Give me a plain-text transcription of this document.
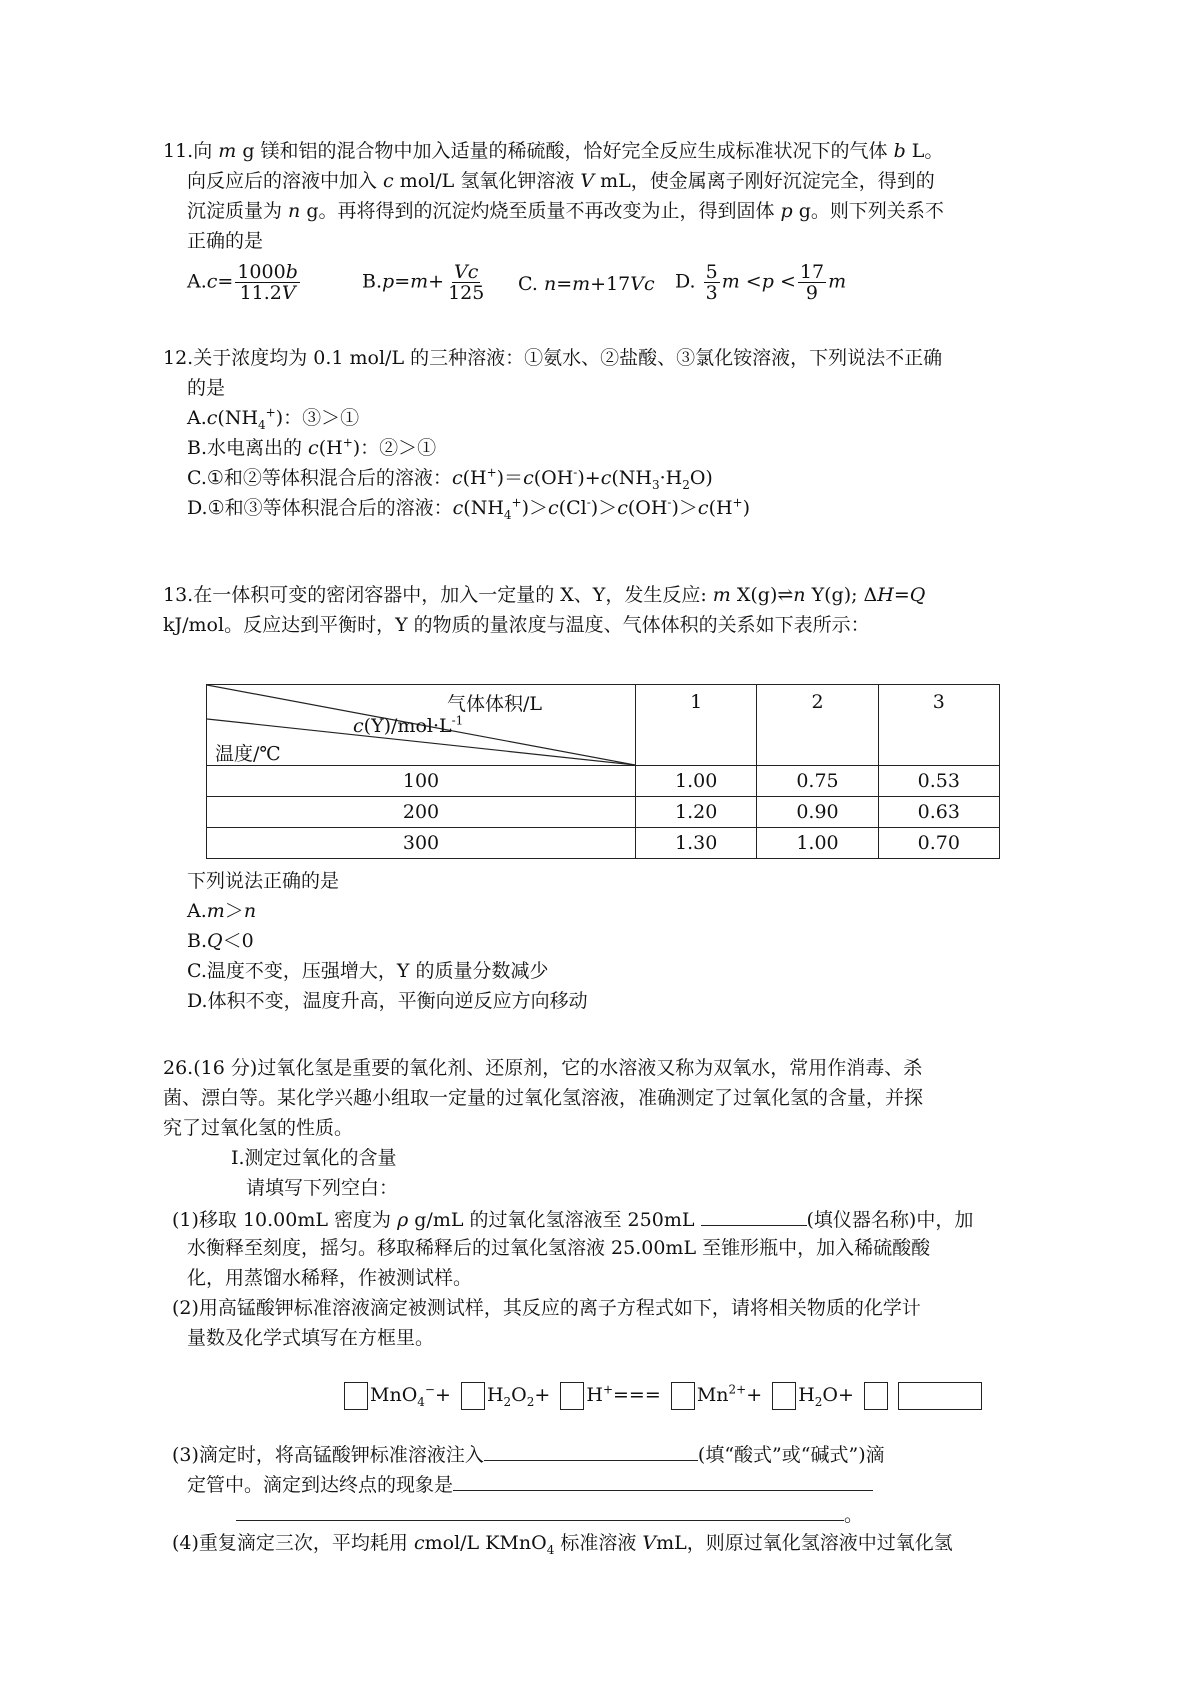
11.向 m g 镁和铝的混合物中加入适量的稀硫酸，恰好完全反应生成标准状况下的气体 b L。
向反应后的溶液中加入 c mol/L 氢氧化钾溶液 V mL，使金属离子刚好沉淀完全，得到的
沉淀质量为 n g。再将得到的沉淀灼烧至质量不再改变为止，得到固体 p g。则下列关系不
正确的是
$A.c= \frac{1000b}{11.2V}$	$B.p=m+ \frac{Vc}{125} C$. n=m+17Vc D. $\frac{5}{3}$ $m <p < \frac{17}{9}$ m
12.关于浓度均为 0.1 mol/L 的三种溶液：①氨水、②盐酸、③氯化铵溶液，下列说法不正确
的是
$A.c(NH_4^+)$：③＞①
B.水电离出的 c(H+)：②＞①
C.①和②等体积混合后的溶液：$c(H^+)=c(OH^-)+c(NH_3\cdot H_2O)$
D.①和③等体积混合后的溶液：$c(NH_4^+)>c(Cl^-)>c(OH^-)>c(H^+)$
13.在一体积可变的密闭容器中，加入一定量的 X、Y，发生反应: m X(g)⇌n Y(g); ΔH=Q
kJ/mol。反应达到平衡时，Y 的物质的量浓度与温度、气体体积的关系如下表所示：
气体体积/L
$c(Y)/mol\cdot L^{-1}$
温度/℃	1	2	3
100	1.00	0.75	0.53
200	1.20	0.90	0.63
300	1.30	1.00	0.70
下列说法正确的是
A.m＞n
B.Q＜0
C.温度不变，压强增大，Y 的质量分数减少
D.体积不变，温度升高，平衡向逆反应方向移动
26.(16 分)过氧化氢是重要的氧化剂、还原剂，它的水溶液又称为双氧水，常用作消毒、杀
菌、漂白等。某化学兴趣小组取一定量的过氧化氢溶液，准确测定了过氧化氢的含量，并探
究了过氧化氢的性质。
Ⅰ.测定过氧化的含量
请填写下列空白：
(1)移取 10.00mL 密度为 ρ g/mL 的过氧化氢溶液至 250mL	(填仪器名称)中，加
水衡释至刻度，摇匀。移取稀释后的过氧化氢溶液 25.00mL 至锥形瓶中，加入稀硫酸酸
化，用蒸馏水稀释，作被测试样。
(2)用高锰酸钾标准溶液滴定被测试样，其反应的离子方程式如下，请将相关物质的化学计
量数及化学式填写在方框里。
$MnO_4^-+ H_2O_2+ H^+=== Mn^{2+}+ H_2O+$
(3)滴定时，将高锰酸钾标准溶液注入	(填“酸式”或“碱式”)滴
定管中。滴定到达终点的现象是
。
(4)重复滴定三次，平均耗用 cmol/L KMnO$_4$ 标准溶液 VmL，则原过氧化氢溶液中过氧化氢
